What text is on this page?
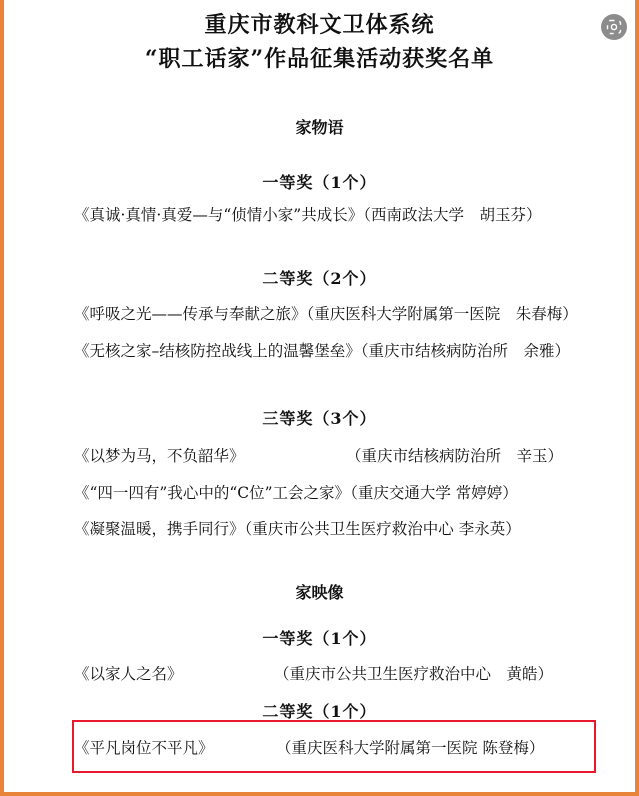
重庆市教科文卫体系统
“职工话家”作品征集活动获奖名单
家物语
一等奖（1个）
《真诚·真情·真爱—与“侦情小家”共成长》（西南政法大学　胡玉芬）
二等奖（2个）
《呼吸之光——传承与奉献之旅》（重庆医科大学附属第一医院　朱春梅）
《无核之家–结核防控战线上的温馨堡垒》（重庆市结核病防治所　余雅）
三等奖（3个）
《以梦为马，不负韶华》	（重庆市结核病防治所　辛玉）
《“四一四有”我心中的“C位”工会之家》（重庆交通大学 常婷婷）
《凝聚温暖，携手同行》（重庆市公共卫生医疗救治中心 李永英）
家映像
一等奖（1个）
《以家人之名》	（重庆市公共卫生医疗救治中心　黄皓）
二等奖（1个）
《平凡岗位不平凡》	（重庆医科大学附属第一医院 陈登梅）
